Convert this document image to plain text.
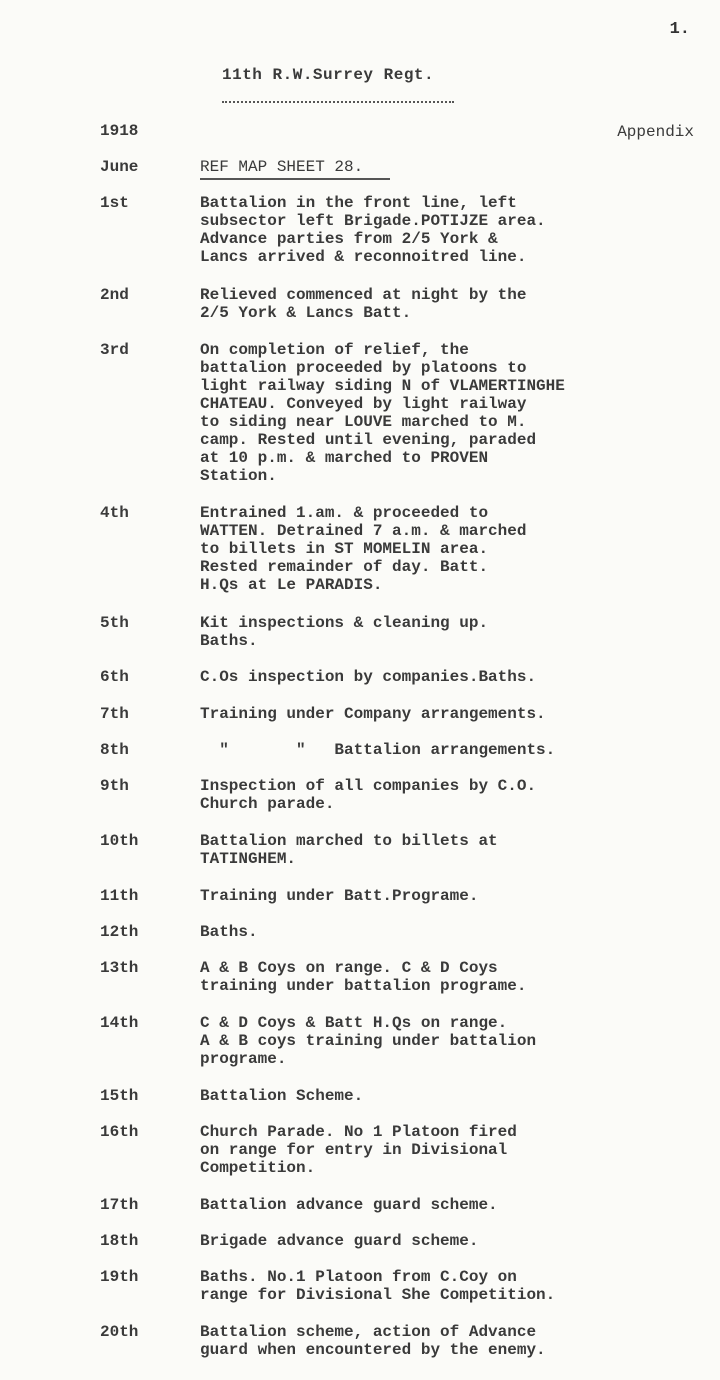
1.
11th R.W.Surrey Regt.
1918	Appendix
June	REF MAP SHEET 28.
1st	Battalion in the front line, left
subsector left Brigade.POTIJZE area.
Advance parties from 2/5 York &
Lancs arrived & reconnoitred line.
2nd	Relieved commenced at night by the
2/5 York & Lancs Batt.
3rd	On completion of relief, the
battalion proceeded by platoons to
light railway siding N of VLAMERTINGHE
CHATEAU. Conveyed by light railway
to siding near LOUVE marched to M.
camp. Rested until evening, paraded
at 10 p.m. & marched to PROVEN
Station.
4th	Entrained 1.am. & proceeded to
WATTEN. Detrained 7 a.m. & marched
to billets in ST MOMELIN area.
Rested remainder of day. Batt.
H.Qs at Le PARADIS.
5th	Kit inspections & cleaning up.
Baths.
6th	C.Os inspection by companies.Baths.
7th	Training under Company arrangements.
8th	"       "   Battalion arrangements.
9th	Inspection of all companies by C.O.
Church parade.
10th	Battalion marched to billets at
TATINGHEM.
11th	Training under Batt.Programe.
12th	Baths.
13th	A & B Coys on range. C & D Coys
training under battalion programe.
14th	C & D Coys & Batt H.Qs on range.
A & B coys training under battalion
programe.
15th	Battalion Scheme.
16th	Church Parade. No 1 Platoon fired
on range for entry in Divisional
Competition.
17th	Battalion advance guard scheme.
18th	Brigade advance guard scheme.
19th	Baths. No.1 Platoon from C.Coy on
range for Divisional She Competition.
20th	Battalion scheme, action of Advance
guard when encountered by the enemy.
